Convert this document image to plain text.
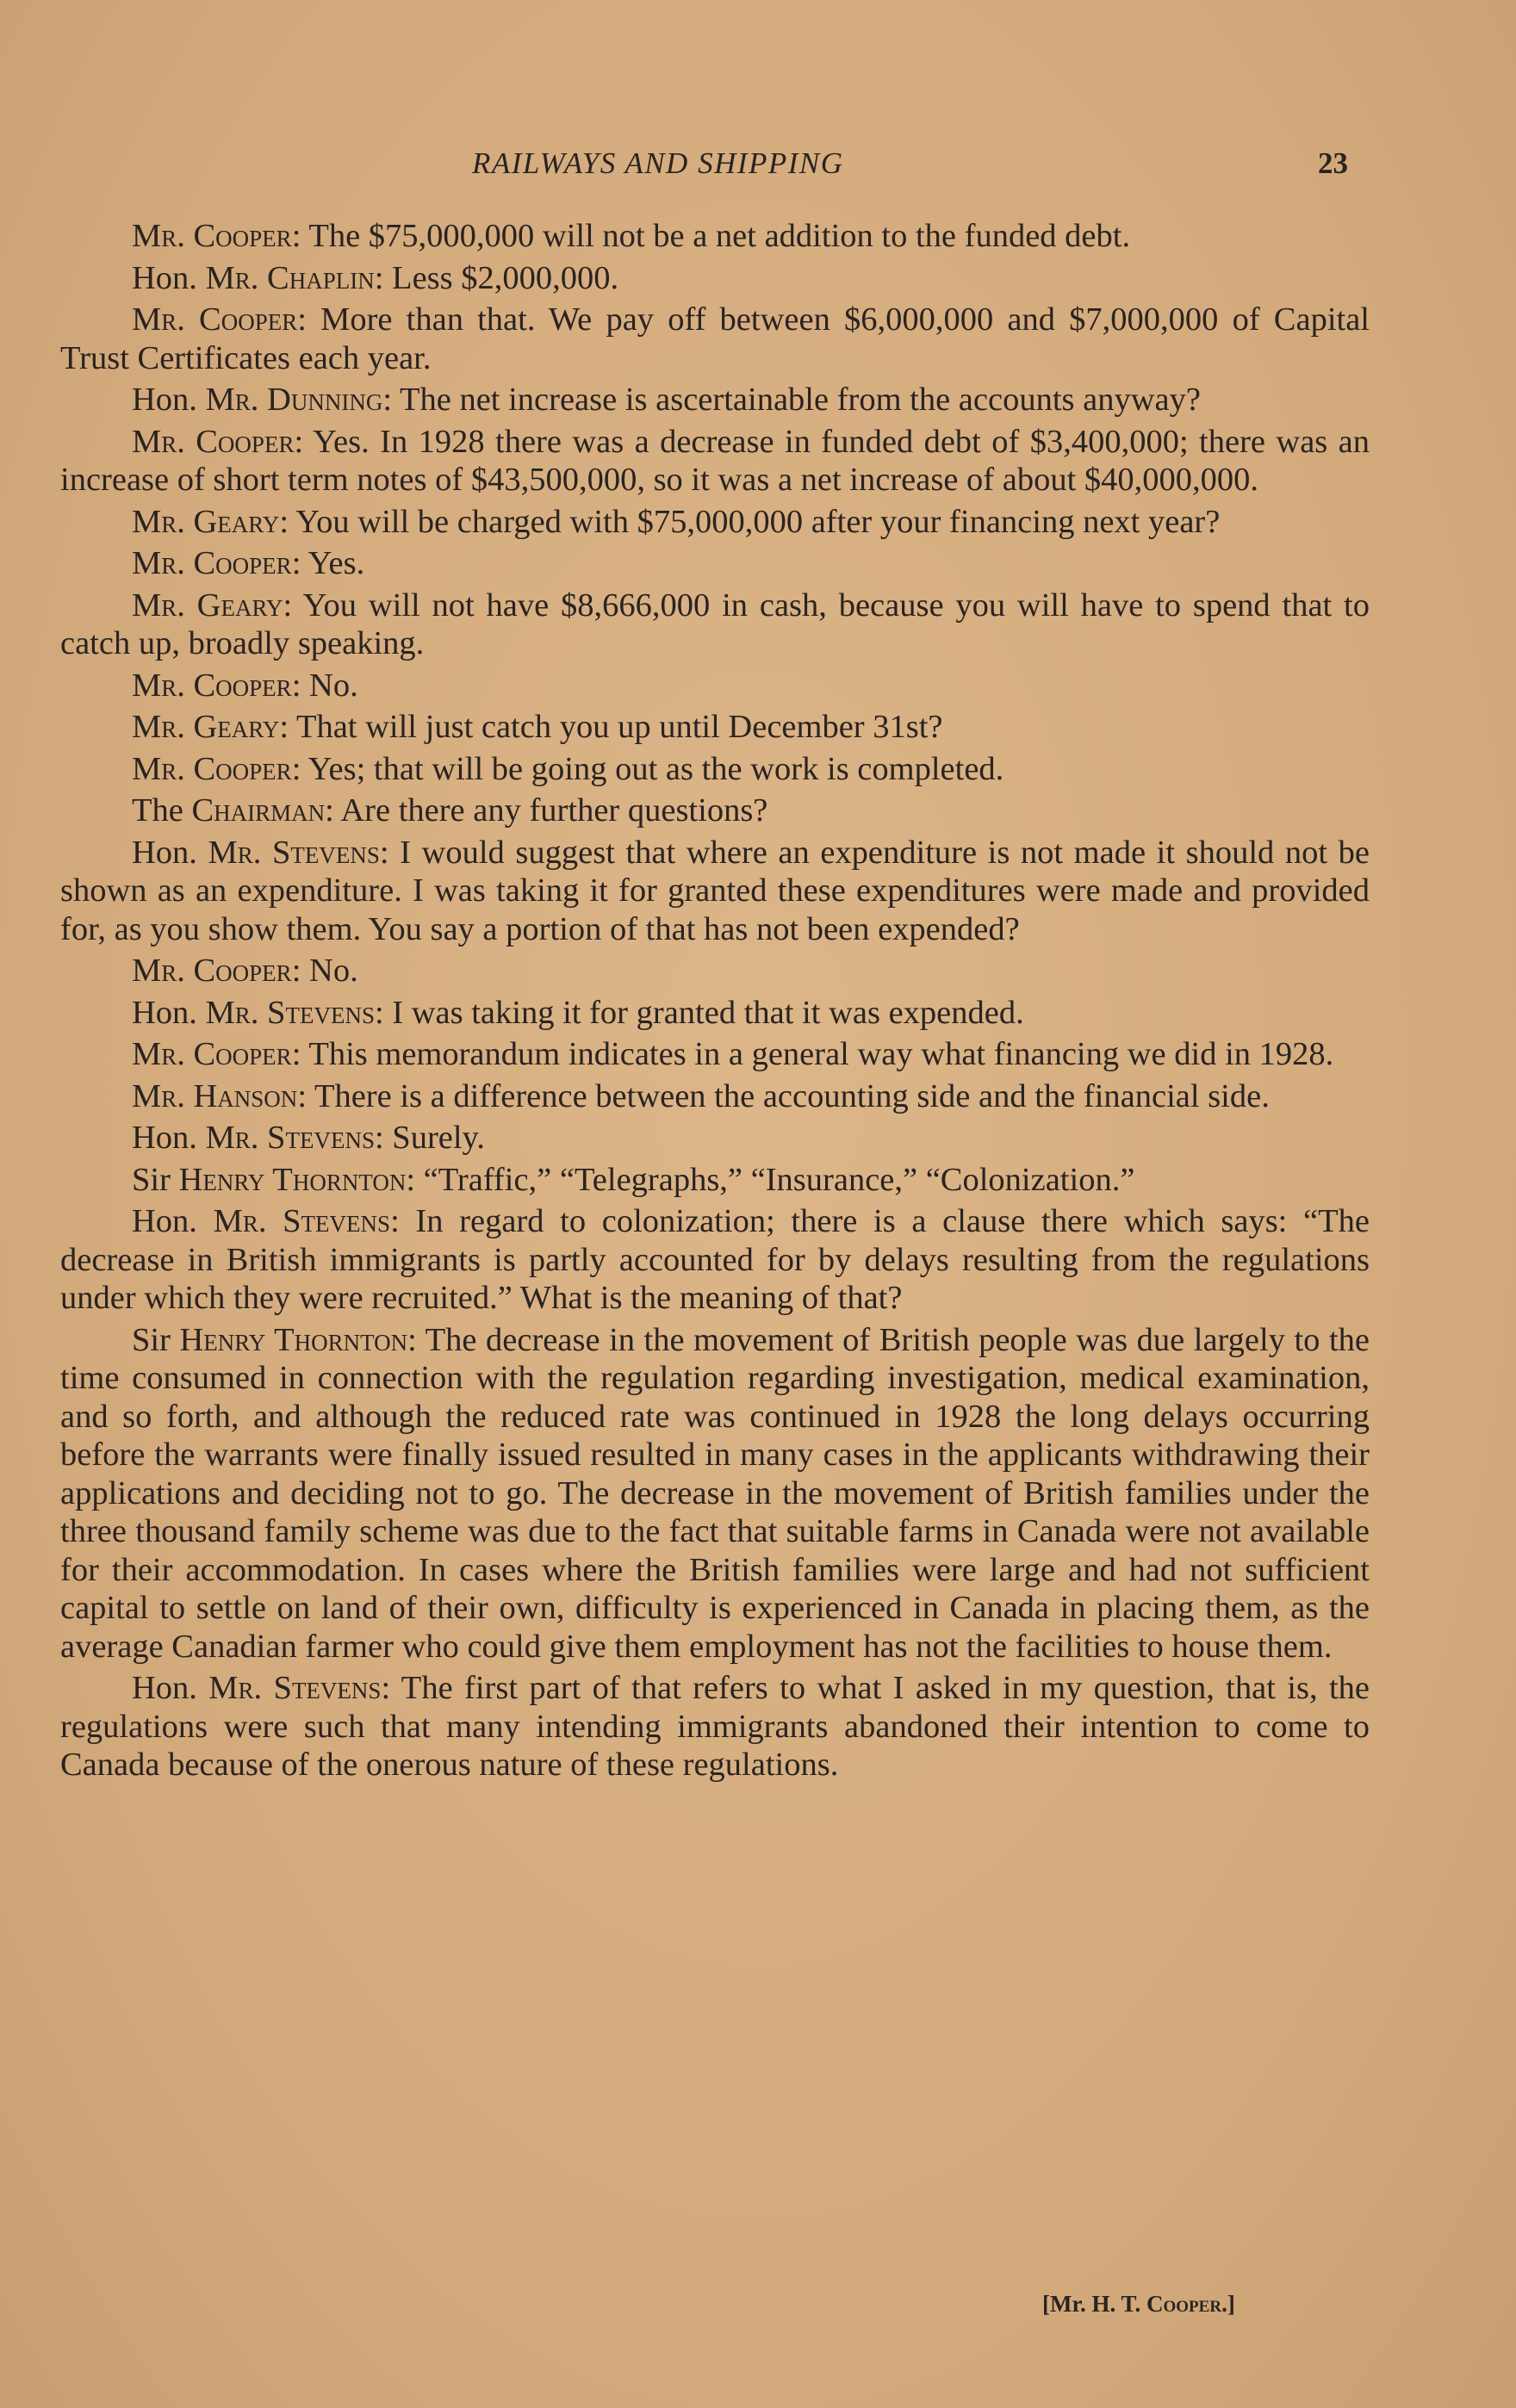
RAILWAYS AND SHIPPING	23

Mr. Cooper: The $75,000,000 will not be a net addition to the funded debt.

Hon. Mr. Chaplin: Less $2,000,000.

Mr. Cooper: More than that. We pay off between $6,000,000 and $7,000,000 of Capital Trust Certificates each year.

Hon. Mr. Dunning: The net increase is ascertainable from the accounts anyway?

Mr. Cooper: Yes. In 1928 there was a decrease in funded debt of $3,400,000; there was an increase of short term notes of $43,500,000, so it was a net increase of about $40,000,000.

Mr. Geary: You will be charged with $75,000,000 after your financing next year?

Mr. Cooper: Yes.

Mr. Geary: You will not have $8,666,000 in cash, because you will have to spend that to catch up, broadly speaking.

Mr. Cooper: No.

Mr. Geary: That will just catch you up until December 31st?

Mr. Cooper: Yes; that will be going out as the work is completed.

The Chairman: Are there any further questions?

Hon. Mr. Stevens: I would suggest that where an expenditure is not made it should not be shown as an expenditure. I was taking it for granted these expenditures were made and provided for, as you show them. You say a portion of that has not been expended?

Mr. Cooper: No.

Hon. Mr. Stevens: I was taking it for granted that it was expended.

Mr. Cooper: This memorandum indicates in a general way what financing we did in 1928.

Mr. Hanson: There is a difference between the accounting side and the financial side.

Hon. Mr. Stevens: Surely.

Sir Henry Thornton: “Traffic,” “Telegraphs,” “Insurance,” “Colonization.”

Hon. Mr. Stevens: In regard to colonization; there is a clause there which says: “The decrease in British immigrants is partly accounted for by delays resulting from the regulations under which they were recruited.” What is the meaning of that?

Sir Henry Thornton: The decrease in the movement of British people was due largely to the time consumed in connection with the regulation regarding investigation, medical examination, and so forth, and although the reduced rate was continued in 1928 the long delays occurring before the warrants were finally issued resulted in many cases in the applicants withdrawing their applications and deciding not to go. The decrease in the movement of British families under the three thousand family scheme was due to the fact that suitable farms in Canada were not available for their accommodation. In cases where the British families were large and had not sufficient capital to settle on land of their own, difficulty is experienced in Canada in placing them, as the average Canadian farmer who could give them employment has not the facilities to house them.

Hon. Mr. Stevens: The first part of that refers to what I asked in my question, that is, the regulations were such that many intending immigrants abandoned their intention to come to Canada because of the onerous nature of these regulations.

[Mr. H. T. Cooper.]
